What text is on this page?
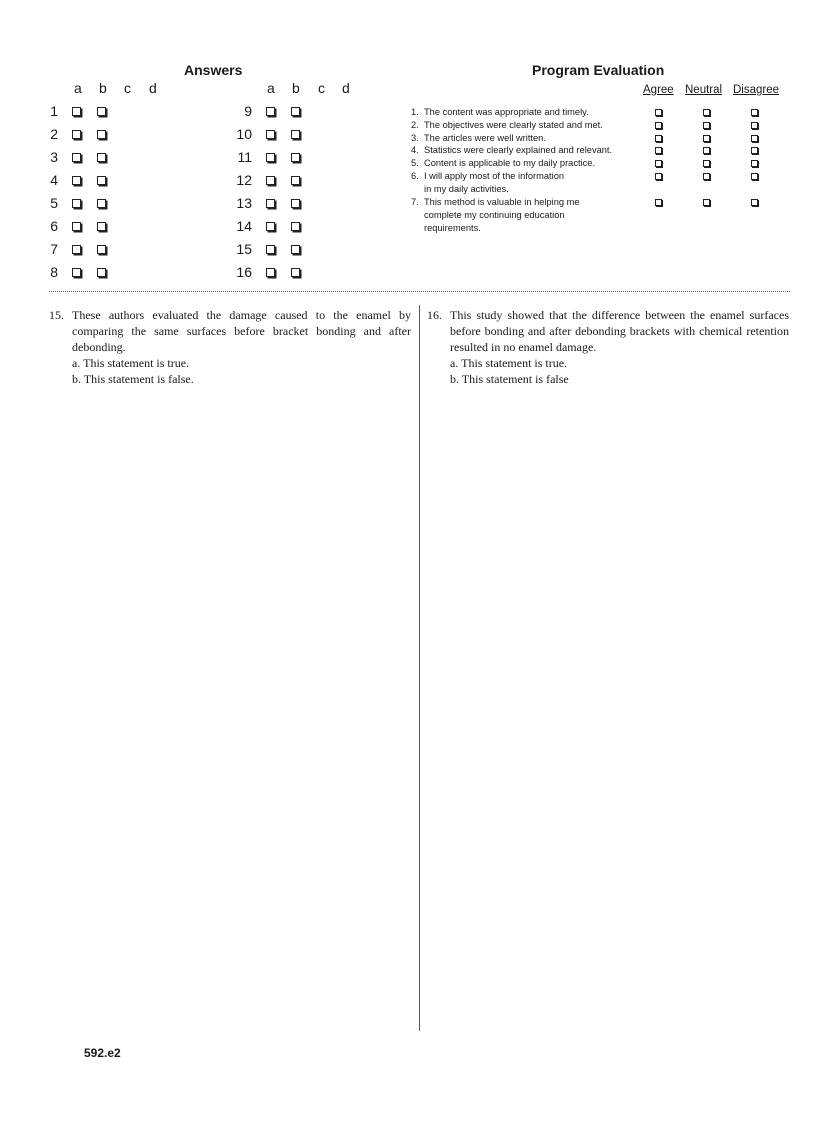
Answers
a b c d	a b c d
1
2
3
4
5
6
7
8
9
10
11
12
13
14
15
16
Program Evaluation
Agree Neutral Disagree
1. The content was appropriate and timely.
2. The objectives were clearly stated and met.
3. The articles were well written.
4. Statistics were clearly explained and relevant.
5. Content is applicable to my daily practice.
6. I will apply most of the information
in my daily activities.
7. This method is valuable in helping me
complete my continuing education
requirements.
15. These authors evaluated the damage caused to the enamel by comparing the same surfaces before bracket bonding and after debonding.
a. This statement is true.
b. This statement is false.
16. This study showed that the difference between the enamel surfaces before bonding and after debonding brackets with chemical retention resulted in no enamel damage.
a. This statement is true.
b. This statement is false
592.e2
